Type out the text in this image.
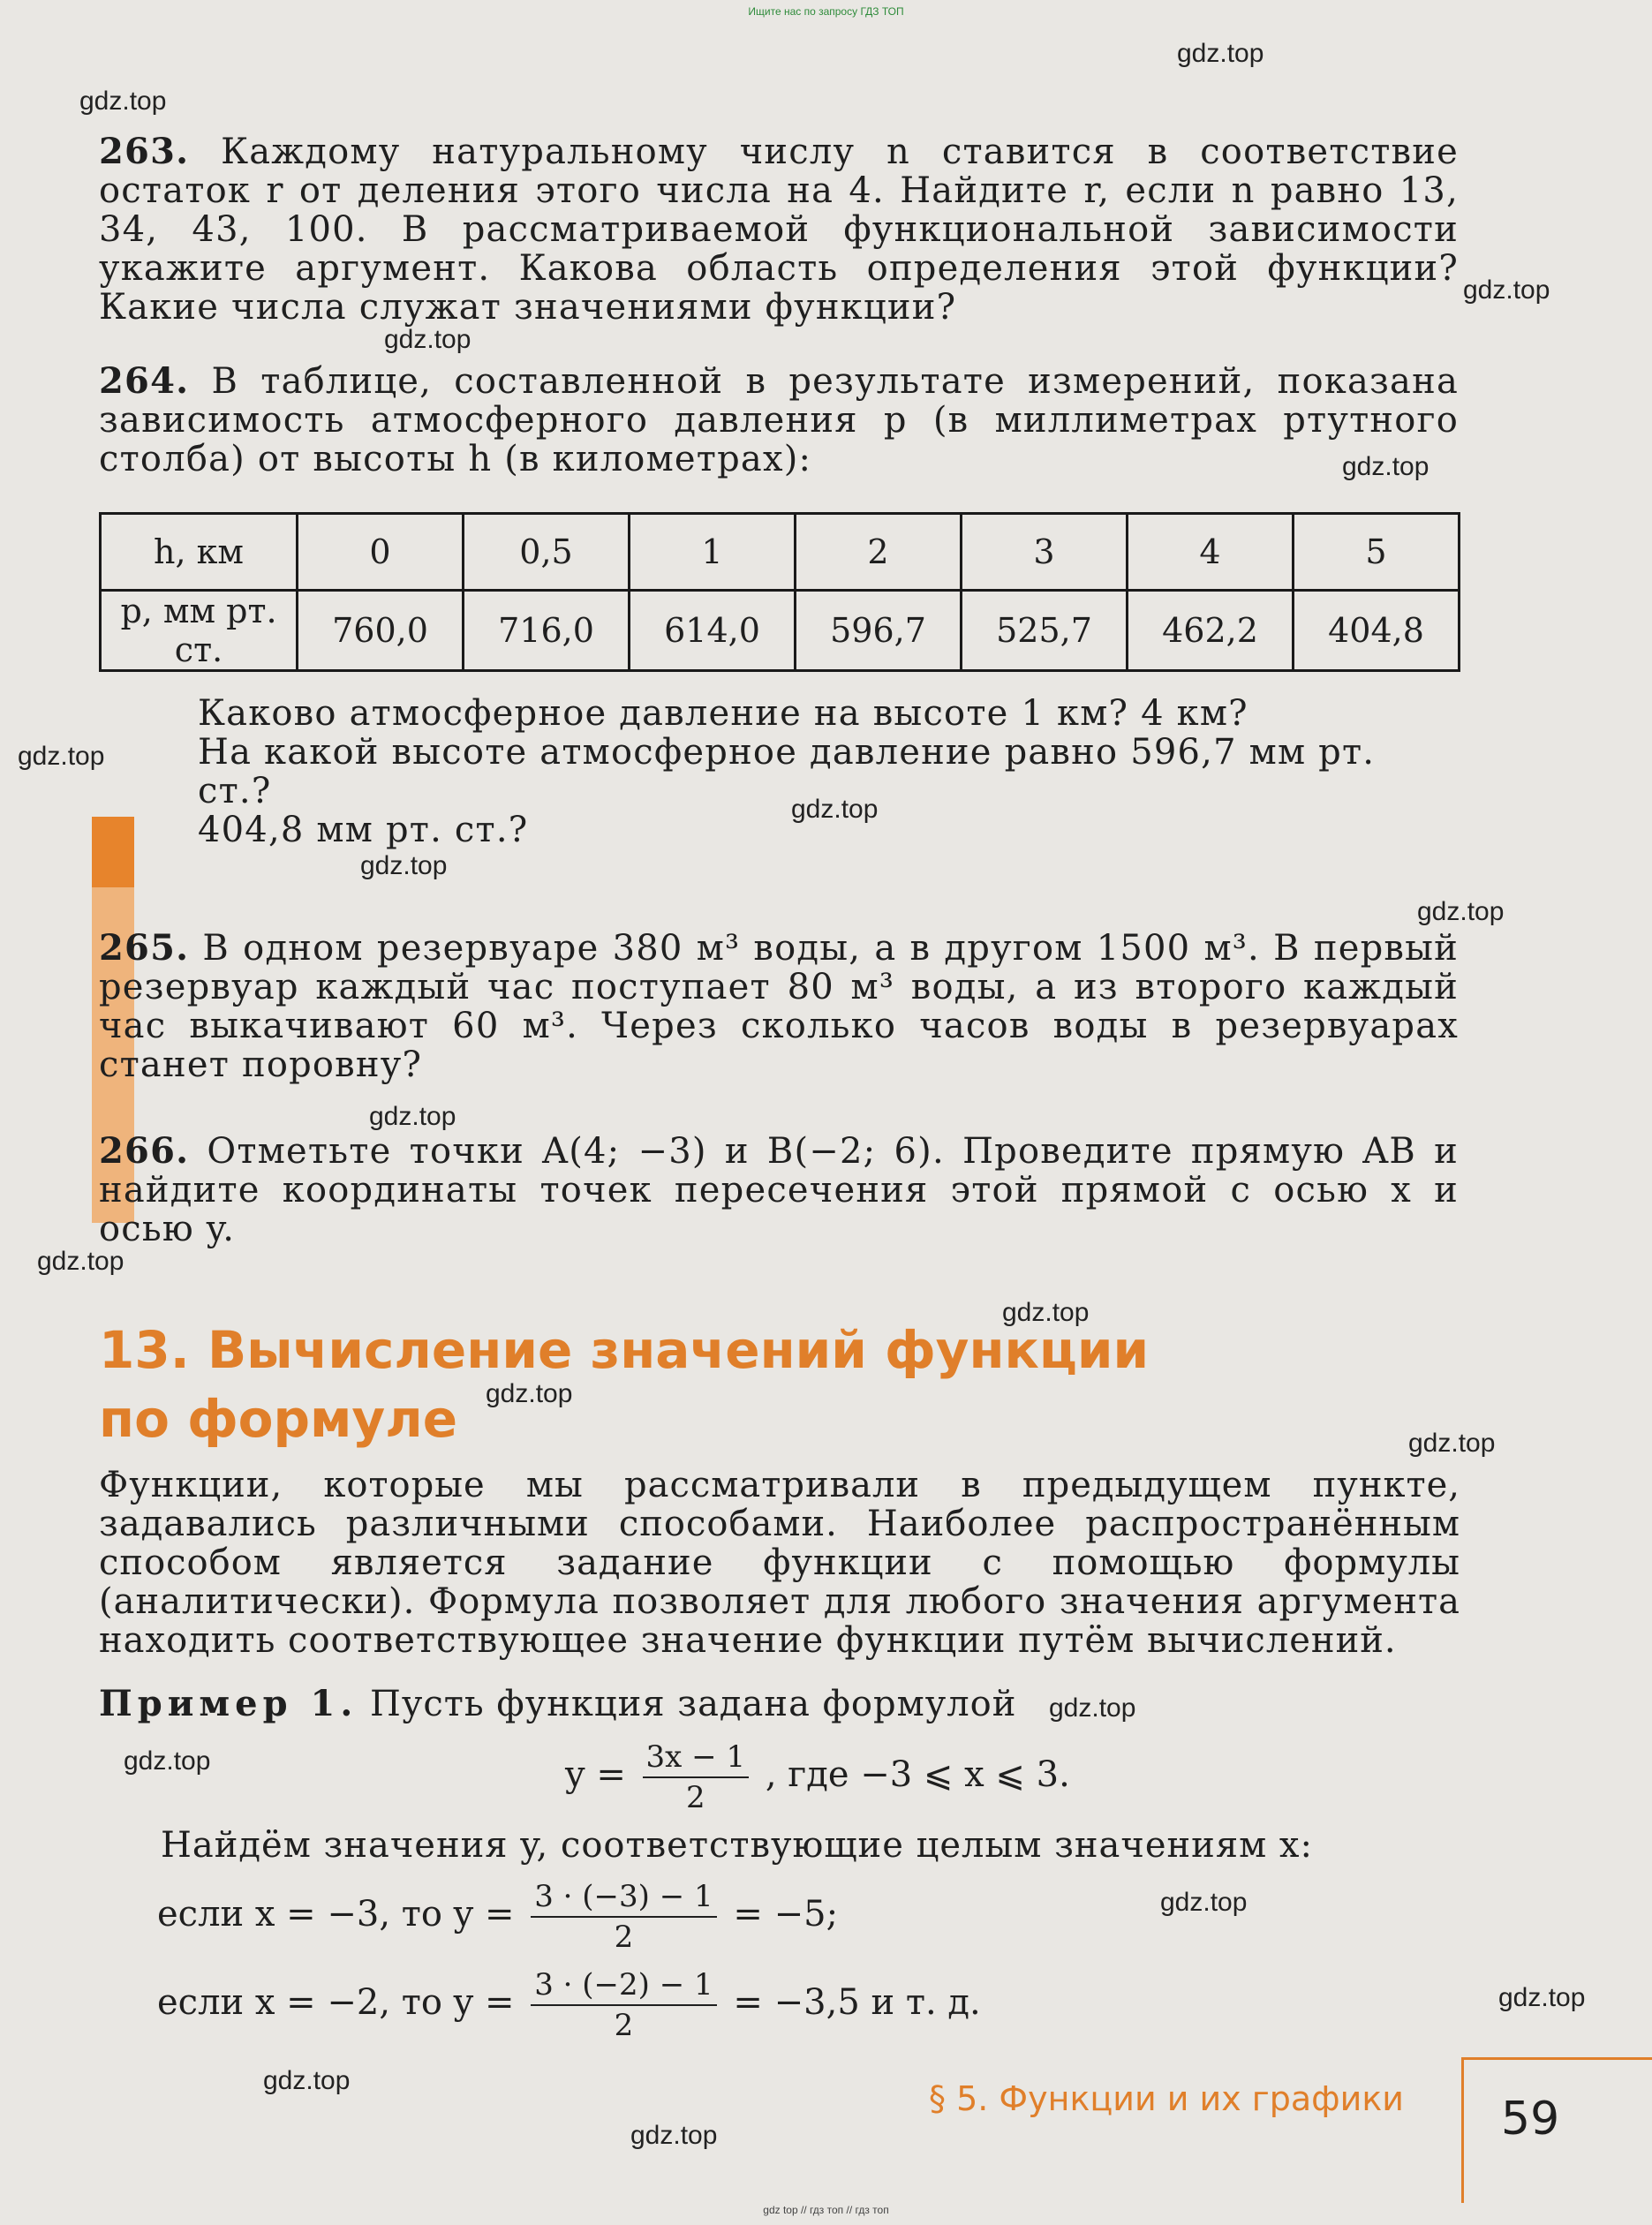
Ищите нас по запросу ГДЗ ТОП

263. Каждому натуральному числу n ставится в соответствие остаток r от деления этого числа на 4. Найдите r, если n равно 13, 34, 43, 100. В рассматриваемой функциональной зависимости укажите аргумент. Какова область определения этой функции? Какие числа служат значениями функции?

264. В таблице, составленной в результате измерений, показана зависимость атмосферного давления p (в миллиметрах ртутного столба) от высоты h (в километрах):

h, км	0	0,5	1	2	3	4	5
p, мм рт. ст.	760,0	716,0	614,0	596,7	525,7	462,2	404,8

Каково атмосферное давление на высоте 1 км? 4 км?

На какой высоте атмосферное давление равно 596,7 мм рт. ст.?

404,8 мм рт. ст.?

265. В одном резервуаре 380 м³ воды, а в другом 1500 м³. В первый резервуар каждый час поступает 80 м³ воды, а из второго каждый час выкачивают 60 м³. Через сколько часов воды в резервуарах станет поровну?

266. Отметьте точки A(4; −3) и B(−2; 6). Проведите прямую AB и найдите координаты точек пересечения этой прямой с осью x и осью y.

13. Вычисление значений функции
по формуле
Функции, которые мы рассматривали в предыдущем пункте, задавались различными способами. Наиболее распространённым способом является задание функции с помощью формулы (аналитически). Формула позволяет для любого значения аргумента находить соответствующее значение функции путём вычислений.
Пример 1. Пусть функция задана формулой
$y = \frac{3x - 1}{2}$ , где −3 ⩽ x ⩽ 3.
Найдём значения y, соответствующие целым значениям x:
если x = −3, то $y = \frac{3 \cdot (-3) - 1}{2} = -5$;
если x = −2, то $y = \frac{3 \cdot (-2) - 1}{2} = -3,5$ и т. д.
§ 5. Функции и их графики 59
gdz.top
gdz.top
gdz.top
gdz.top
gdz.top
gdz.top
gdz.top
gdz.top
gdz.top
gdz.top
gdz.top
gdz.top
gdz.top
gdz.top
gdz.top
gdz.top
gdz.top
gdz.top
gdz.top
gdz.top
gdz top // гдз топ // гдз топ
